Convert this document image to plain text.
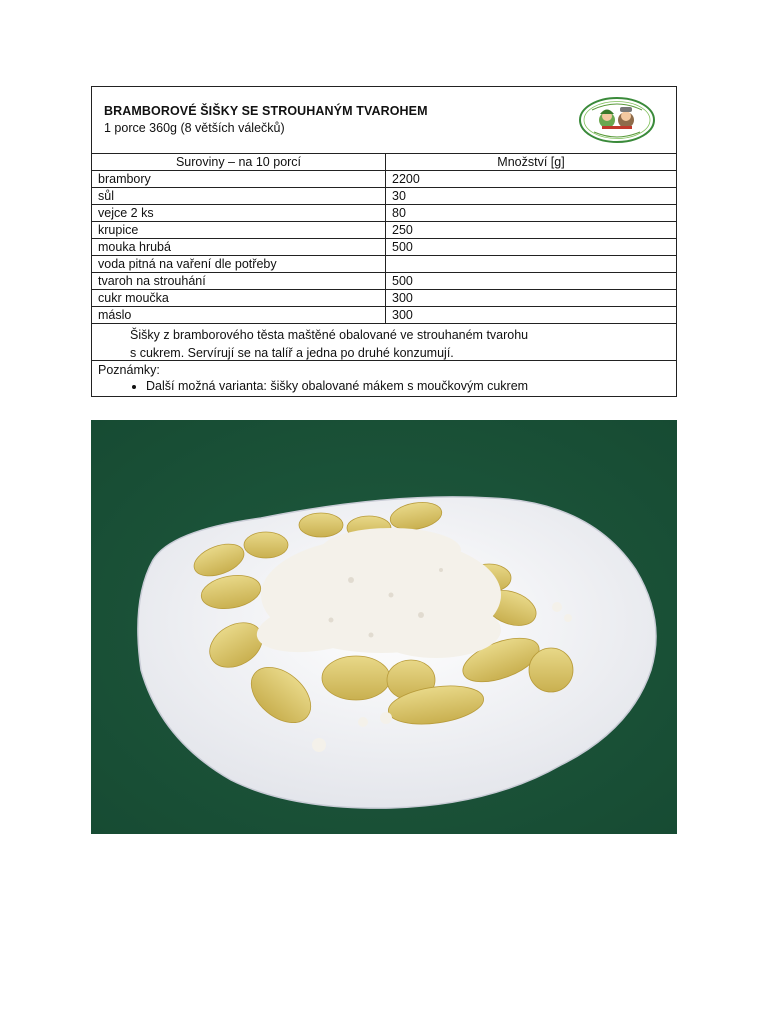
BRAMBOROVÉ ŠIŠKY SE STROUHANÝM TVAROHEM
1 porce 360g (8 větších válečků)
Suroviny – na 10 porcí	Množství [g]
brambory	2200
sůl	30
vejce 2 ks	80
krupice	250
mouka hrubá	500
voda pitná na vaření dle potřeby	
tvaroh na strouhání	500
cukr moučka	300
máslo	300
Šišky z bramborového těsta maštěné obalované ve strouhaném tvarohu
s cukrem. Servírují se na talíř a jedna po druhé konzumují.
Poznámky:
• Další možná varianta: šišky obalované mákem s moučkovým cukrem
